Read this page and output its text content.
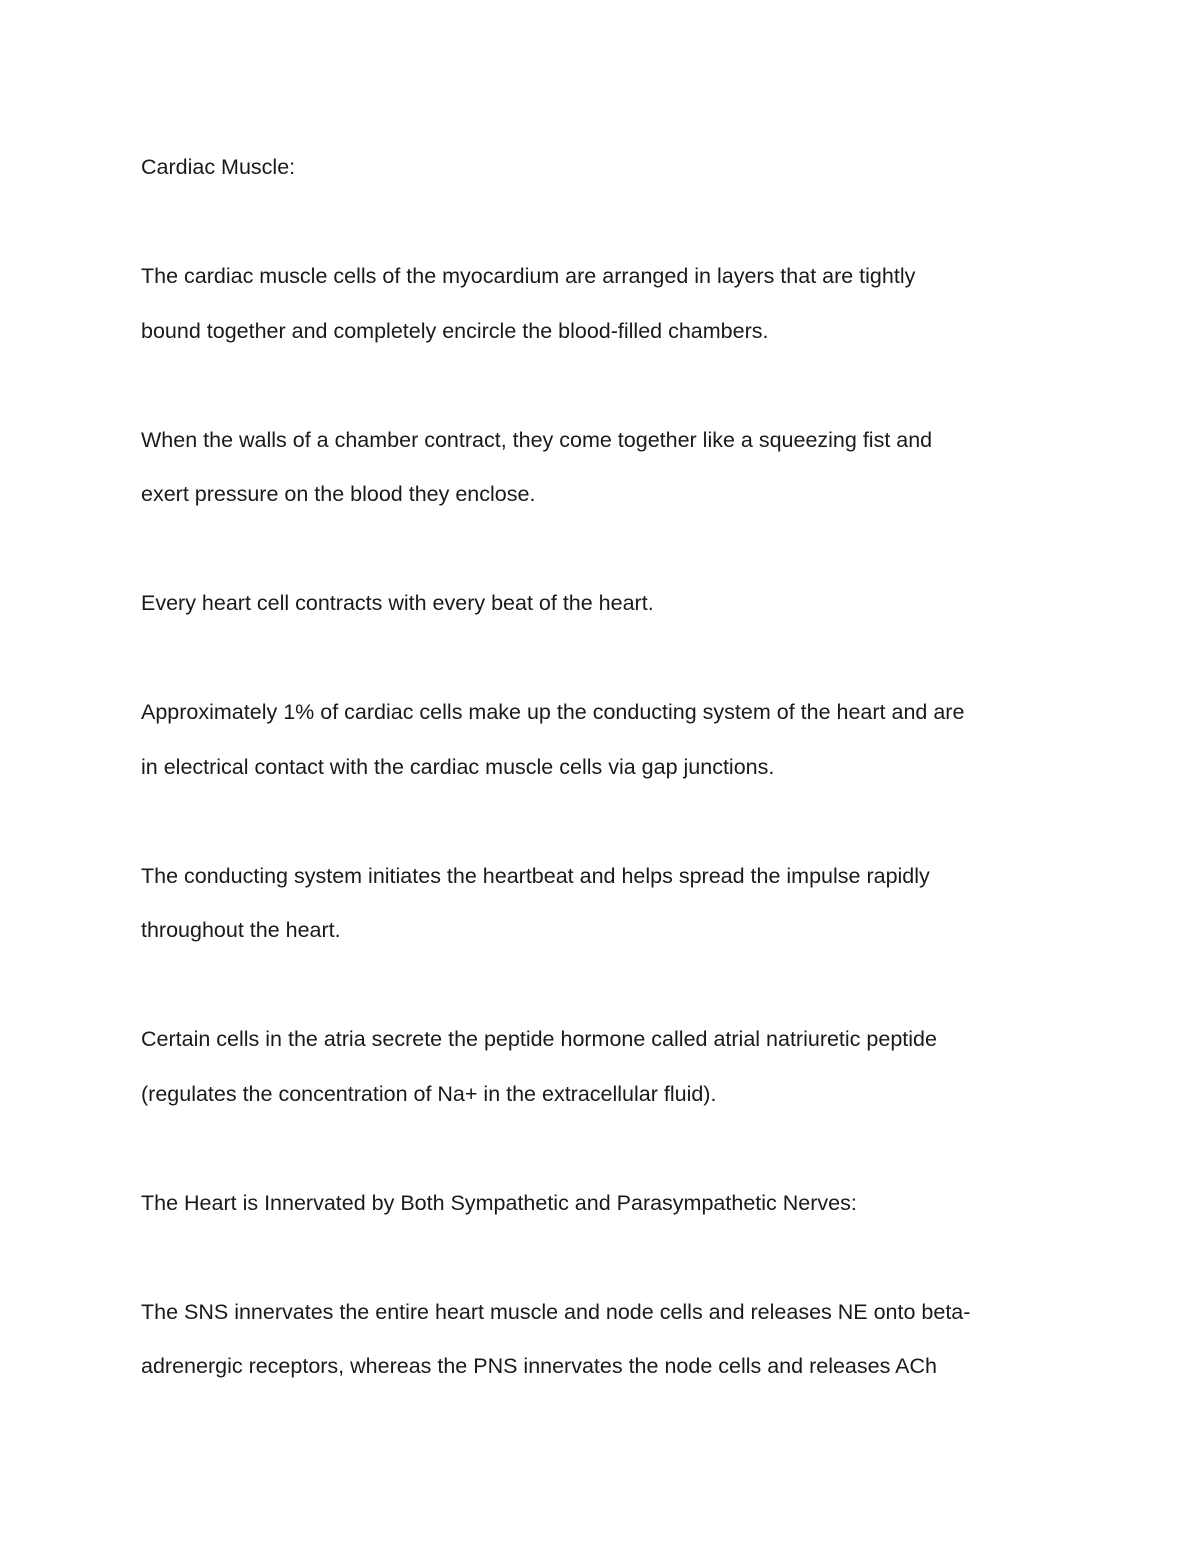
Cardiac Muscle:
The cardiac muscle cells of the myocardium are arranged in layers that are tightly
bound together and completely encircle the blood-filled chambers.
When the walls of a chamber contract, they come together like a squeezing fist and
exert pressure on the blood they enclose.
Every heart cell contracts with every beat of the heart.
Approximately 1% of cardiac cells make up the conducting system of the heart and are
in electrical contact with the cardiac muscle cells via gap junctions.
The conducting system initiates the heartbeat and helps spread the impulse rapidly
throughout the heart.
Certain cells in the atria secrete the peptide hormone called atrial natriuretic peptide
(regulates the concentration of Na+ in the extracellular fluid).
The Heart is Innervated by Both Sympathetic and Parasympathetic Nerves:
The SNS innervates the entire heart muscle and node cells and releases NE onto beta-
adrenergic receptors, whereas the PNS innervates the node cells and releases ACh
